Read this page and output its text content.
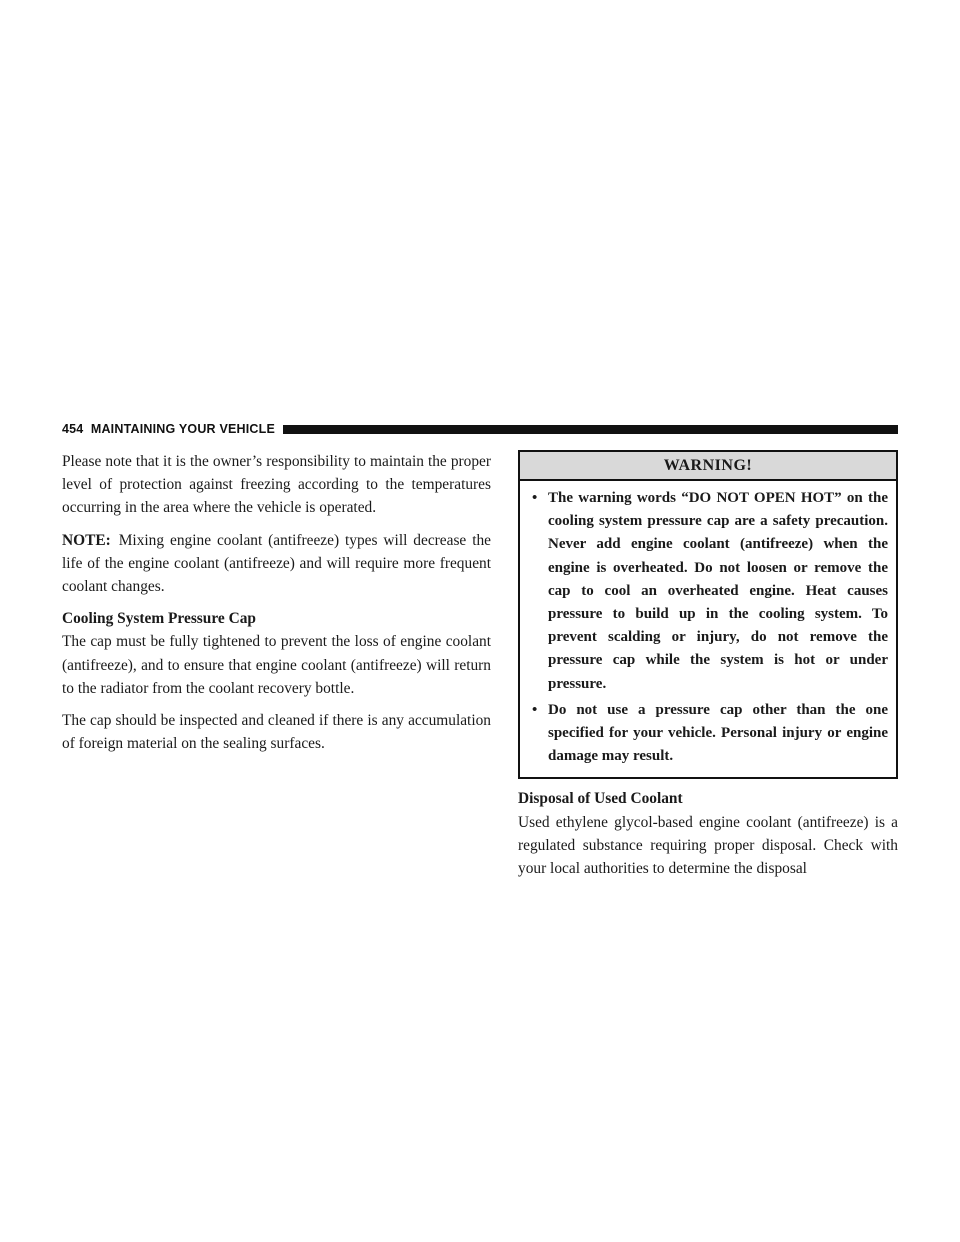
454 MAINTAINING YOUR VEHICLE

Please note that it is the owner’s responsibility to maintain the proper level of protection against freezing according to the temperatures occurring in the area where the vehicle is operated.

NOTE: Mixing engine coolant (antifreeze) types will decrease the life of the engine coolant (antifreeze) and will require more frequent coolant changes.

Cooling System Pressure Cap

The cap must be fully tightened to prevent the loss of engine coolant (antifreeze), and to ensure that engine coolant (antifreeze) will return to the radiator from the coolant recovery bottle.

The cap should be inspected and cleaned if there is any accumulation of foreign material on the sealing surfaces.

WARNING!
• The warning words “DO NOT OPEN HOT” on the cooling system pressure cap are a safety precaution. Never add engine coolant (antifreeze) when the engine is overheated. Do not loosen or remove the cap to cool an overheated engine. Heat causes pressure to build up in the cooling system. To prevent scalding or injury, do not remove the pressure cap while the system is hot or under pressure.
• Do not use a pressure cap other than the one specified for your vehicle. Personal injury or engine damage may result.
Disposal of Used Coolant

Used ethylene glycol-based engine coolant (antifreeze) is a regulated substance requiring proper disposal. Check with your local authorities to determine the disposal
